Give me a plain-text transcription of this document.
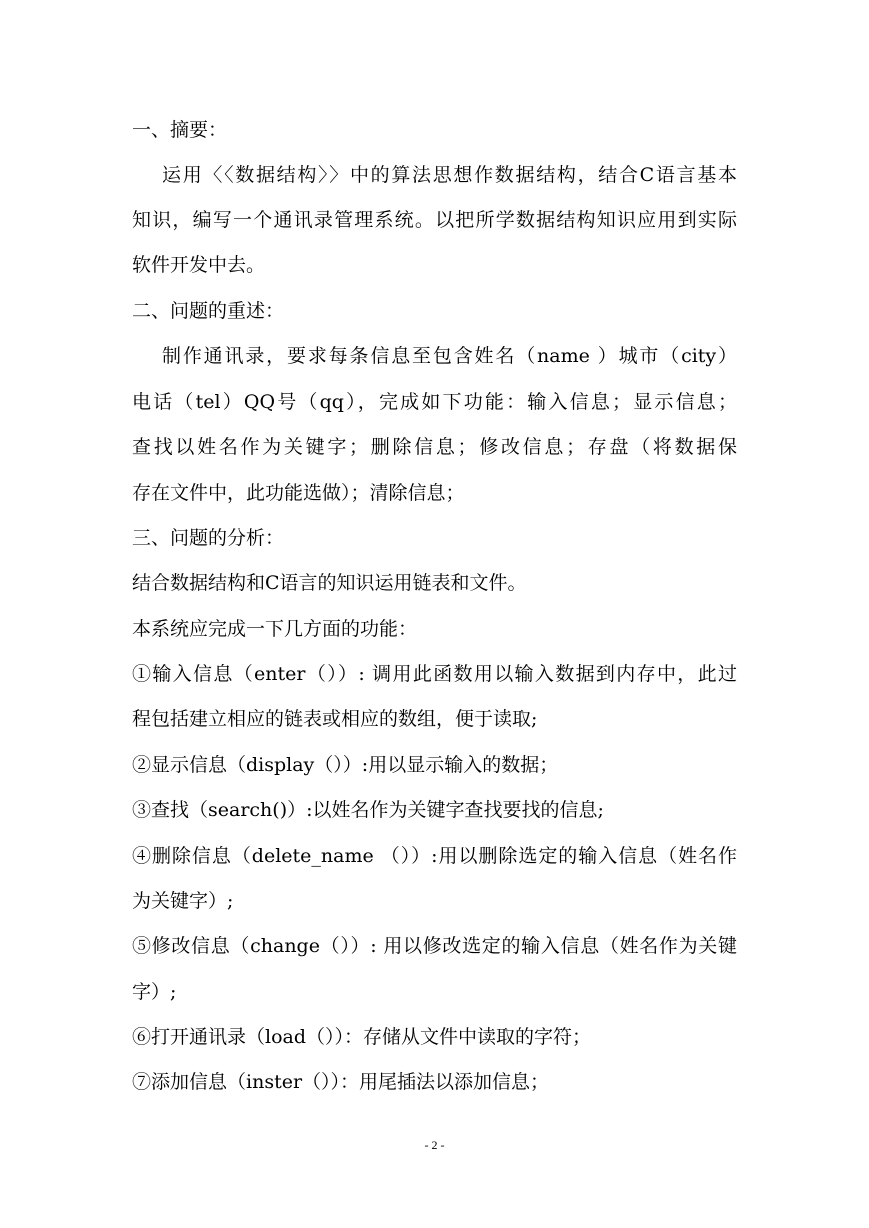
一、摘要：
运用〈〈数据结构〉〉中的算法思想作数据结构，结合C语言基本
知识，编写一个通讯录管理系统。以把所学数据结构知识应用到实际
软件开发中去。
二、问题的重述：
制作通讯录，要求每条信息至包含姓名（name ）城市（city）
电话（tel）QQ号（qq），完成如下功能：输入信息；显示信息；
查找以姓名作为关键字；删除信息；修改信息；存盘（将数据保
存在文件中，此功能选做）；清除信息；
三、问题的分析：
结合数据结构和C语言的知识运用链表和文件。
本系统应完成一下几方面的功能：
①输入信息（enter（））: 调用此函数用以输入数据到内存中，此过
程包括建立相应的链表或相应的数组，便于读取;
②显示信息（display（））:用以显示输入的数据；
③查找（search()）:以姓名作为关键字查找要找的信息;
④删除信息（delete_name （））:用以删除选定的输入信息（姓名作
为关键字）;
⑤修改信息（change（））: 用以修改选定的输入信息（姓名作为关键
字）;
⑥打开通讯录（load（））：存储从文件中读取的字符；
⑦添加信息（inster（））：用尾插法以添加信息；
- 2 -
